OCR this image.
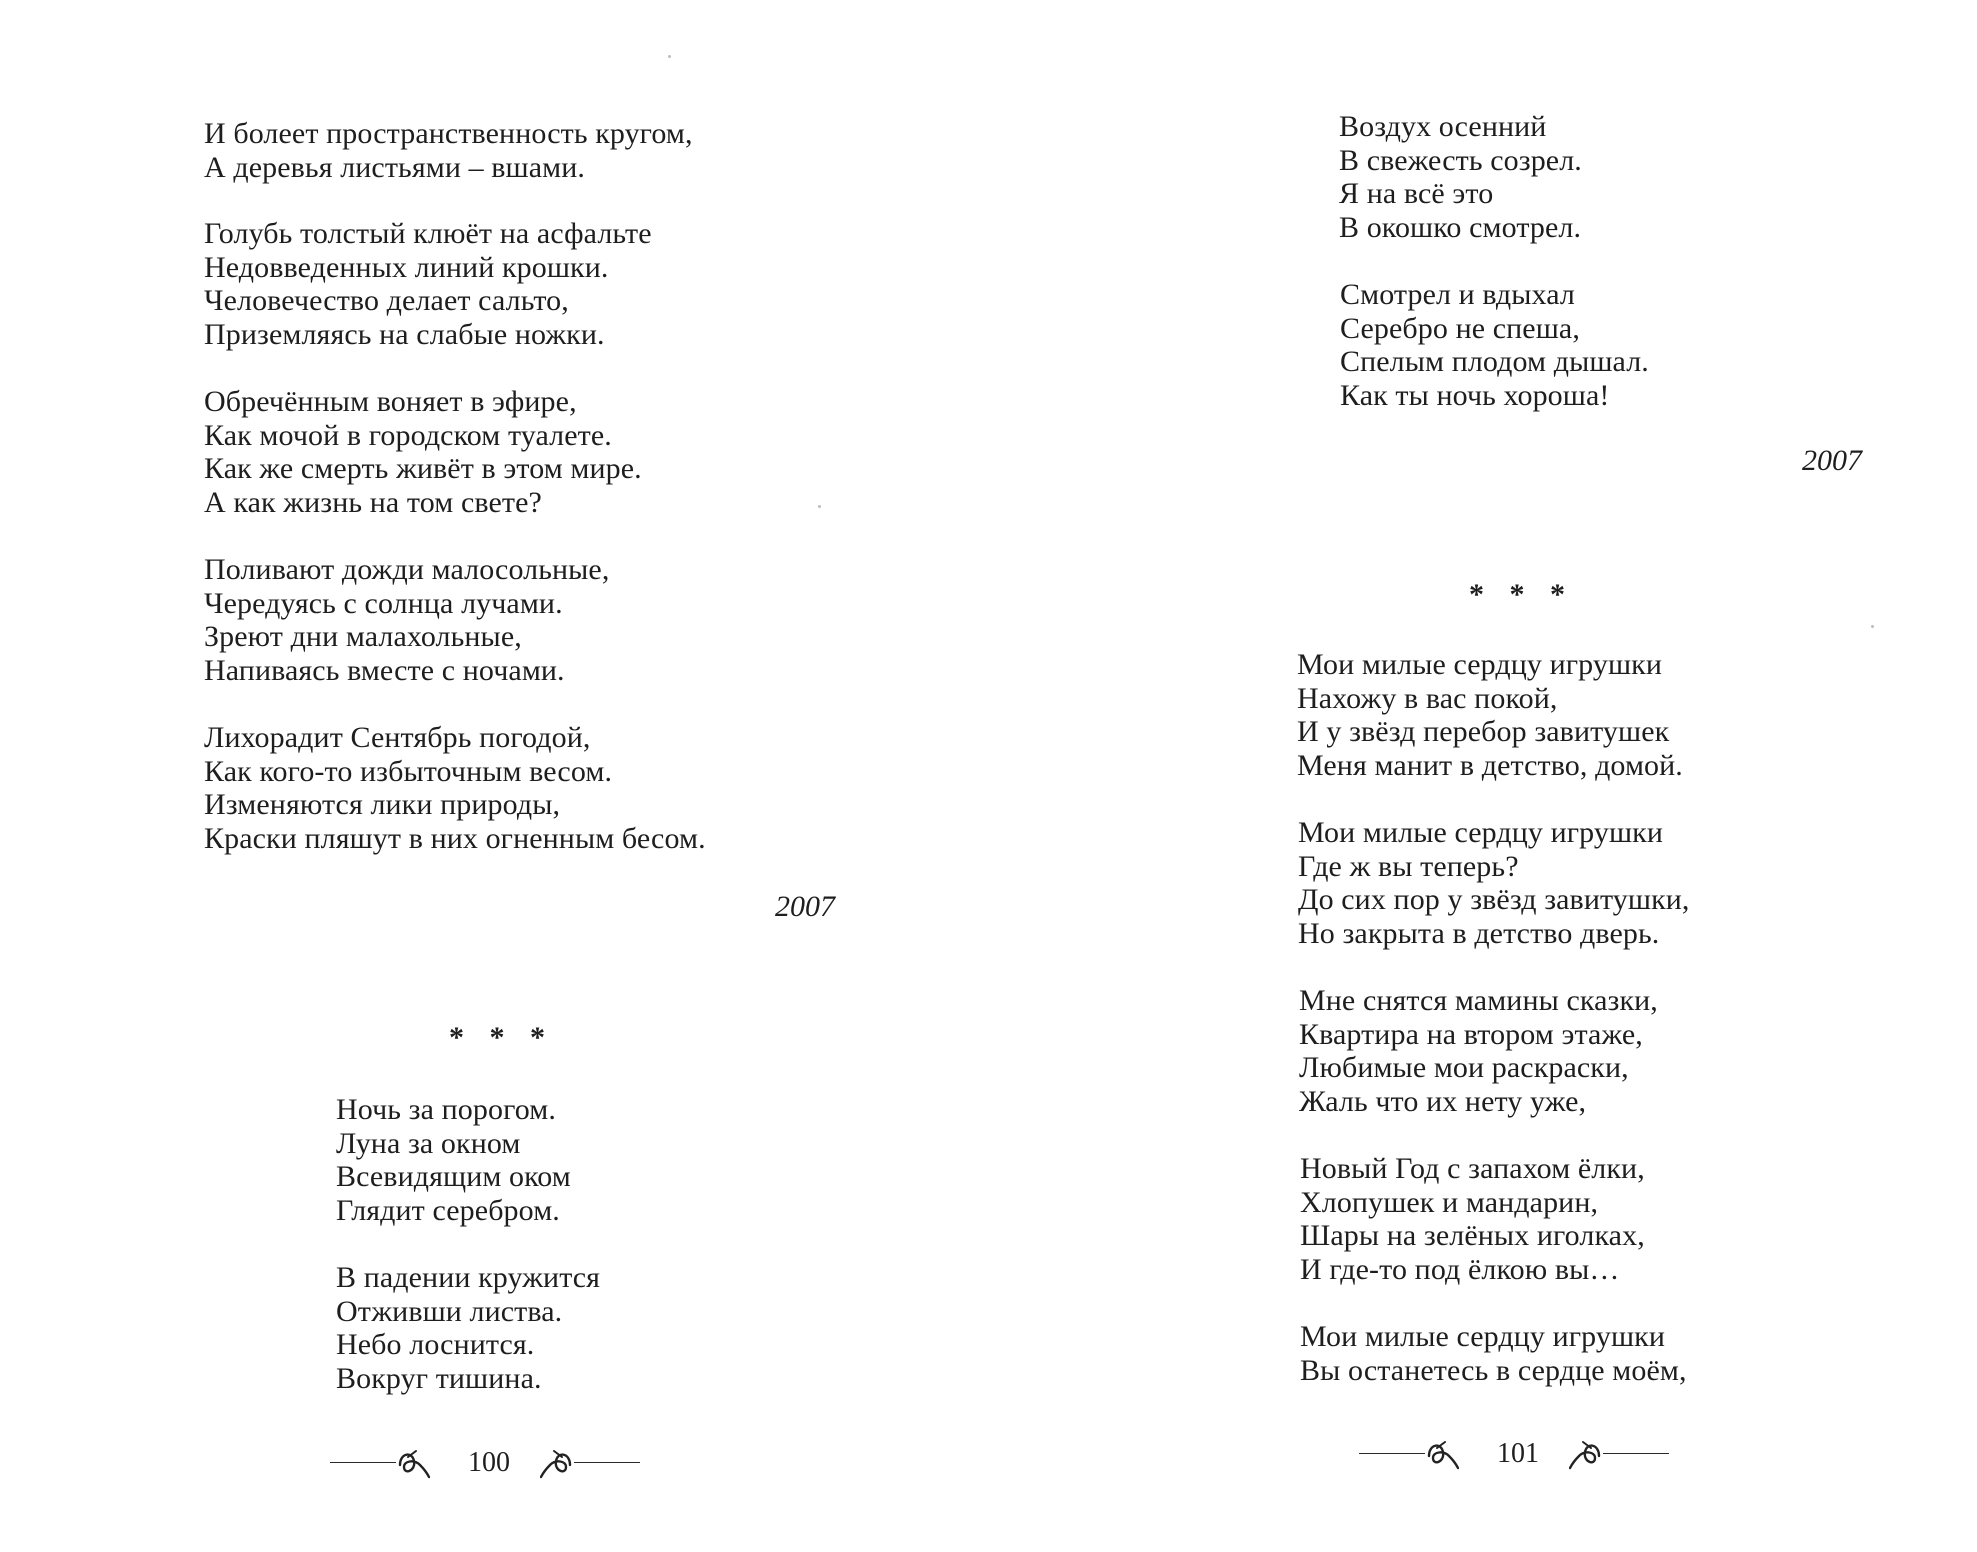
И болеет пространственность кругом,
А деревья листьями – вшами.
Голубь толстый клюёт на асфальте
Недовведенных линий крошки.
Человечество делает сальто,
Приземляясь на слабые ножки.
Обречённым воняет в эфире,
Как мочой в городском туалете.
Как же смерть живёт в этом мире.
А как жизнь на том свете?
Поливают дожди малосольные,
Чередуясь с солнца лучами.
Зреют дни малахольные,
Напиваясь вместе с ночами.
Лихорадит Сентябрь погодой,
Как кого-то избыточным весом.
Изменяются лики природы,
Краски пляшут в них огненным бесом.
2007
* * *
Ночь за порогом.
Луна за окном
Всевидящим оком
Глядит серебром.
В падении кружится
Отживши листва.
Небо лоснится.
Вокруг тишина.
100
Воздух осенний
В свежесть созрел.
Я на всё это
В окошко смотрел.
Смотрел и вдыхал
Серебро не спеша,
Спелым плодом дышал.
Как ты ночь хороша!
2007
* * *
Мои милые сердцу игрушки
Нахожу в вас покой,
И у звёзд перебор завитушек
Меня манит в детство, домой.
Мои милые сердцу игрушки
Где ж вы теперь?
До сих пор у звёзд завитушки,
Но закрыта в детство дверь.
Мне снятся мамины сказки,
Квартира на втором этаже,
Любимые мои раскраски,
Жаль что их нету уже,
Новый Год с запахом ёлки,
Хлопушек и мандарин,
Шары на зелёных иголках,
И где-то под ёлкою вы…
Мои милые сердцу игрушки
Вы останетесь в сердце моём,
101
